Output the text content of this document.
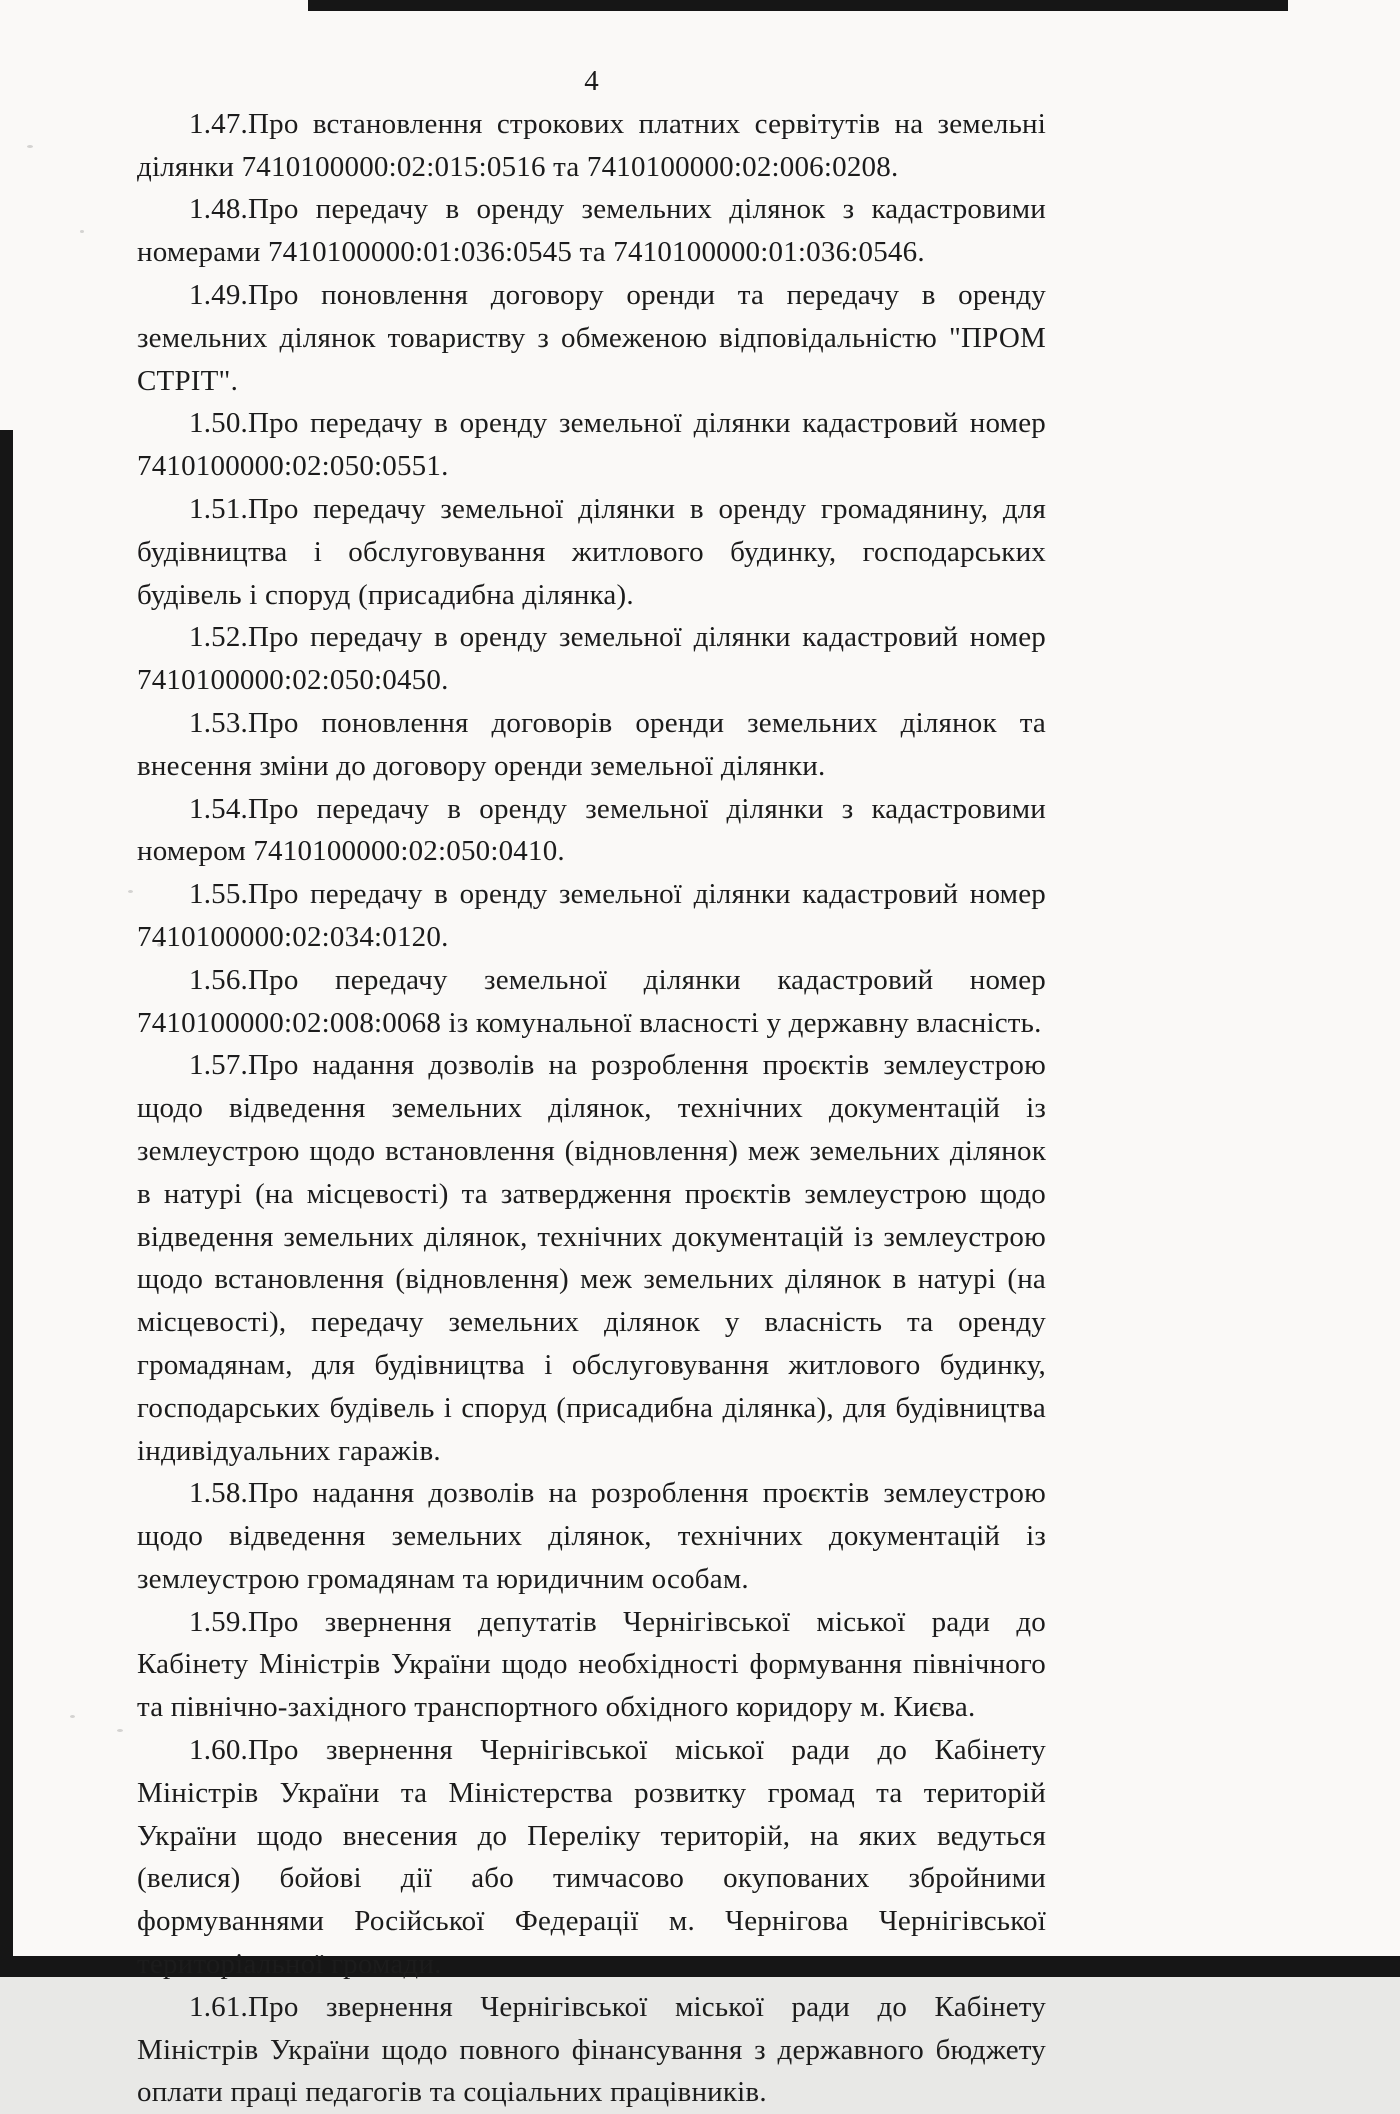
4

1.47.Про встановлення строкових платних сервітутів на земельні ділянки 7410100000:02:015:0516 та 7410100000:02:006:0208.

1.48.Про передачу в оренду земельних ділянок з кадастровими номерами 7410100000:01:036:0545 та 7410100000:01:036:0546.

1.49.Про поновлення договору оренди та передачу в оренду земельних ділянок товариству з обмеженою відповідальністю "ПРОМ СТРІТ".

1.50.Про передачу в оренду земельної ділянки кадастровий номер 7410100000:02:050:0551.

1.51.Про передачу земельної ділянки в оренду громадянину, для будівництва і обслуговування житлового будинку, господарських будівель і споруд (присадибна ділянка).

1.52.Про передачу в оренду земельної ділянки кадастровий номер 7410100000:02:050:0450.

1.53.Про поновлення договорів оренди земельних ділянок та внесення зміни до договору оренди земельної ділянки.

1.54.Про передачу в оренду земельної ділянки з кадастровими номером 7410100000:02:050:0410.

1.55.Про передачу в оренду земельної ділянки кадастровий номер 7410100000:02:034:0120.

1.56.Про передачу земельної ділянки кадастровий номер 7410100000:02:008:0068 із комунальної власності у державну власність.

1.57.Про надання дозволів на розроблення проєктів землеустрою щодо відведення земельних ділянок, технічних документацій із землеустрою щодо встановлення (відновлення) меж земельних ділянок в натурі (на місцевості) та затвердження проєктів землеустрою щодо відведення земельних ділянок, технічних документацій із землеустрою щодо встановлення (відновлення) меж земельних ділянок в натурі (на місцевості), передачу земельних ділянок у власність та оренду громадянам, для будівництва і обслуговування житлового будинку, господарських будівель і споруд (присадибна ділянка), для будівництва індивідуальних гаражів.

1.58.Про надання дозволів на розроблення проєктів землеустрою щодо відведення земельних ділянок, технічних документацій із землеустрою громадянам та юридичним особам.

1.59.Про звернення депутатів Чернігівської міської ради до Кабінету Міністрів України щодо необхідності формування північного та північно-західного транспортного обхідного коридору м. Києва.

1.60.Про звернення Чернігівської міської ради до Кабінету Міністрів України та Міністерства розвитку громад та територій України щодо внесения до Переліку територій, на яких ведуться (велися) бойові дії або тимчасово окупованих збройними формуваннями Російської Федерації м. Чернігова Чернігівської територіальної громади.

1.61.Про звернення Чернігівської міської ради до Кабінету Міністрів України щодо повного фінансування з державного бюджету оплати праці педагогів та соціальних працівників.
